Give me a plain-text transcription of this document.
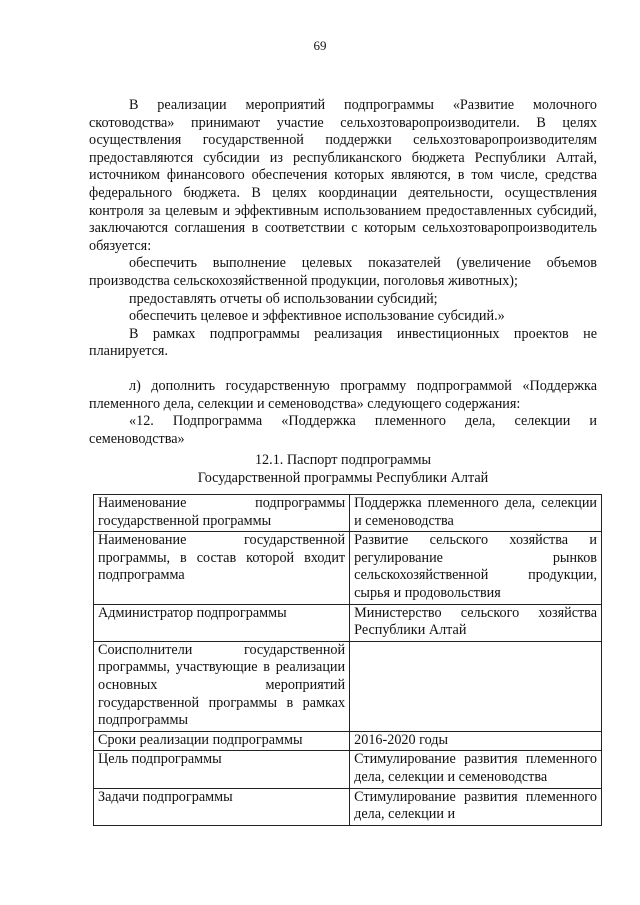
69

В реализации мероприятий подпрограммы «Развитие молочного скотоводства» принимают участие сельхозтоваропроизводители. В целях осуществления государственной поддержки сельхозтоваропроизводителям предоставляются субсидии из республиканского бюджета Республики Алтай, источником финансового обеспечения которых являются, в том числе, средства федерального бюджета. В целях координации деятельности, осуществления контроля за целевым и эффективным использованием предоставленных субсидий, заключаются соглашения в соответствии с которым сельхозтоваропроизводитель обязуется:

обеспечить выполнение целевых показателей (увеличение объемов производства сельскохозяйственной продукции, поголовья животных);

предоставлять отчеты об использовании субсидий;

обеспечить целевое и эффективное использование субсидий.»

В рамках подпрограммы реализация инвестиционных проектов не планируется.

л) дополнить государственную программу подпрограммой «Поддержка племенного дела, селекции и семеноводства» следующего содержания:

«12. Подпрограмма «Поддержка племенного дела, селекции и семеноводства»

12.1. Паспорт подпрограммы

Государственной программы Республики Алтай

Наименование подпрограммы государственной программы	Поддержка племенного дела, селекции и семеноводства
Наименование государственной программы, в состав которой входит подпрограмма	Развитие сельского хозяйства и регулирование рынков сельскохозяйственной продукции, сырья и продовольствия
Администратор подпрограммы	Министерство сельского хозяйства Республики Алтай
Соисполнители государственной программы, участвующие в реализации основных мероприятий государственной программы в рамках подпрограммы	
Сроки реализации подпрограммы	2016-2020 годы
Цель подпрограммы	Стимулирование развития племенного дела, селекции и семеноводства
Задачи подпрограммы	Стимулирование развития племенного дела, селекции и
